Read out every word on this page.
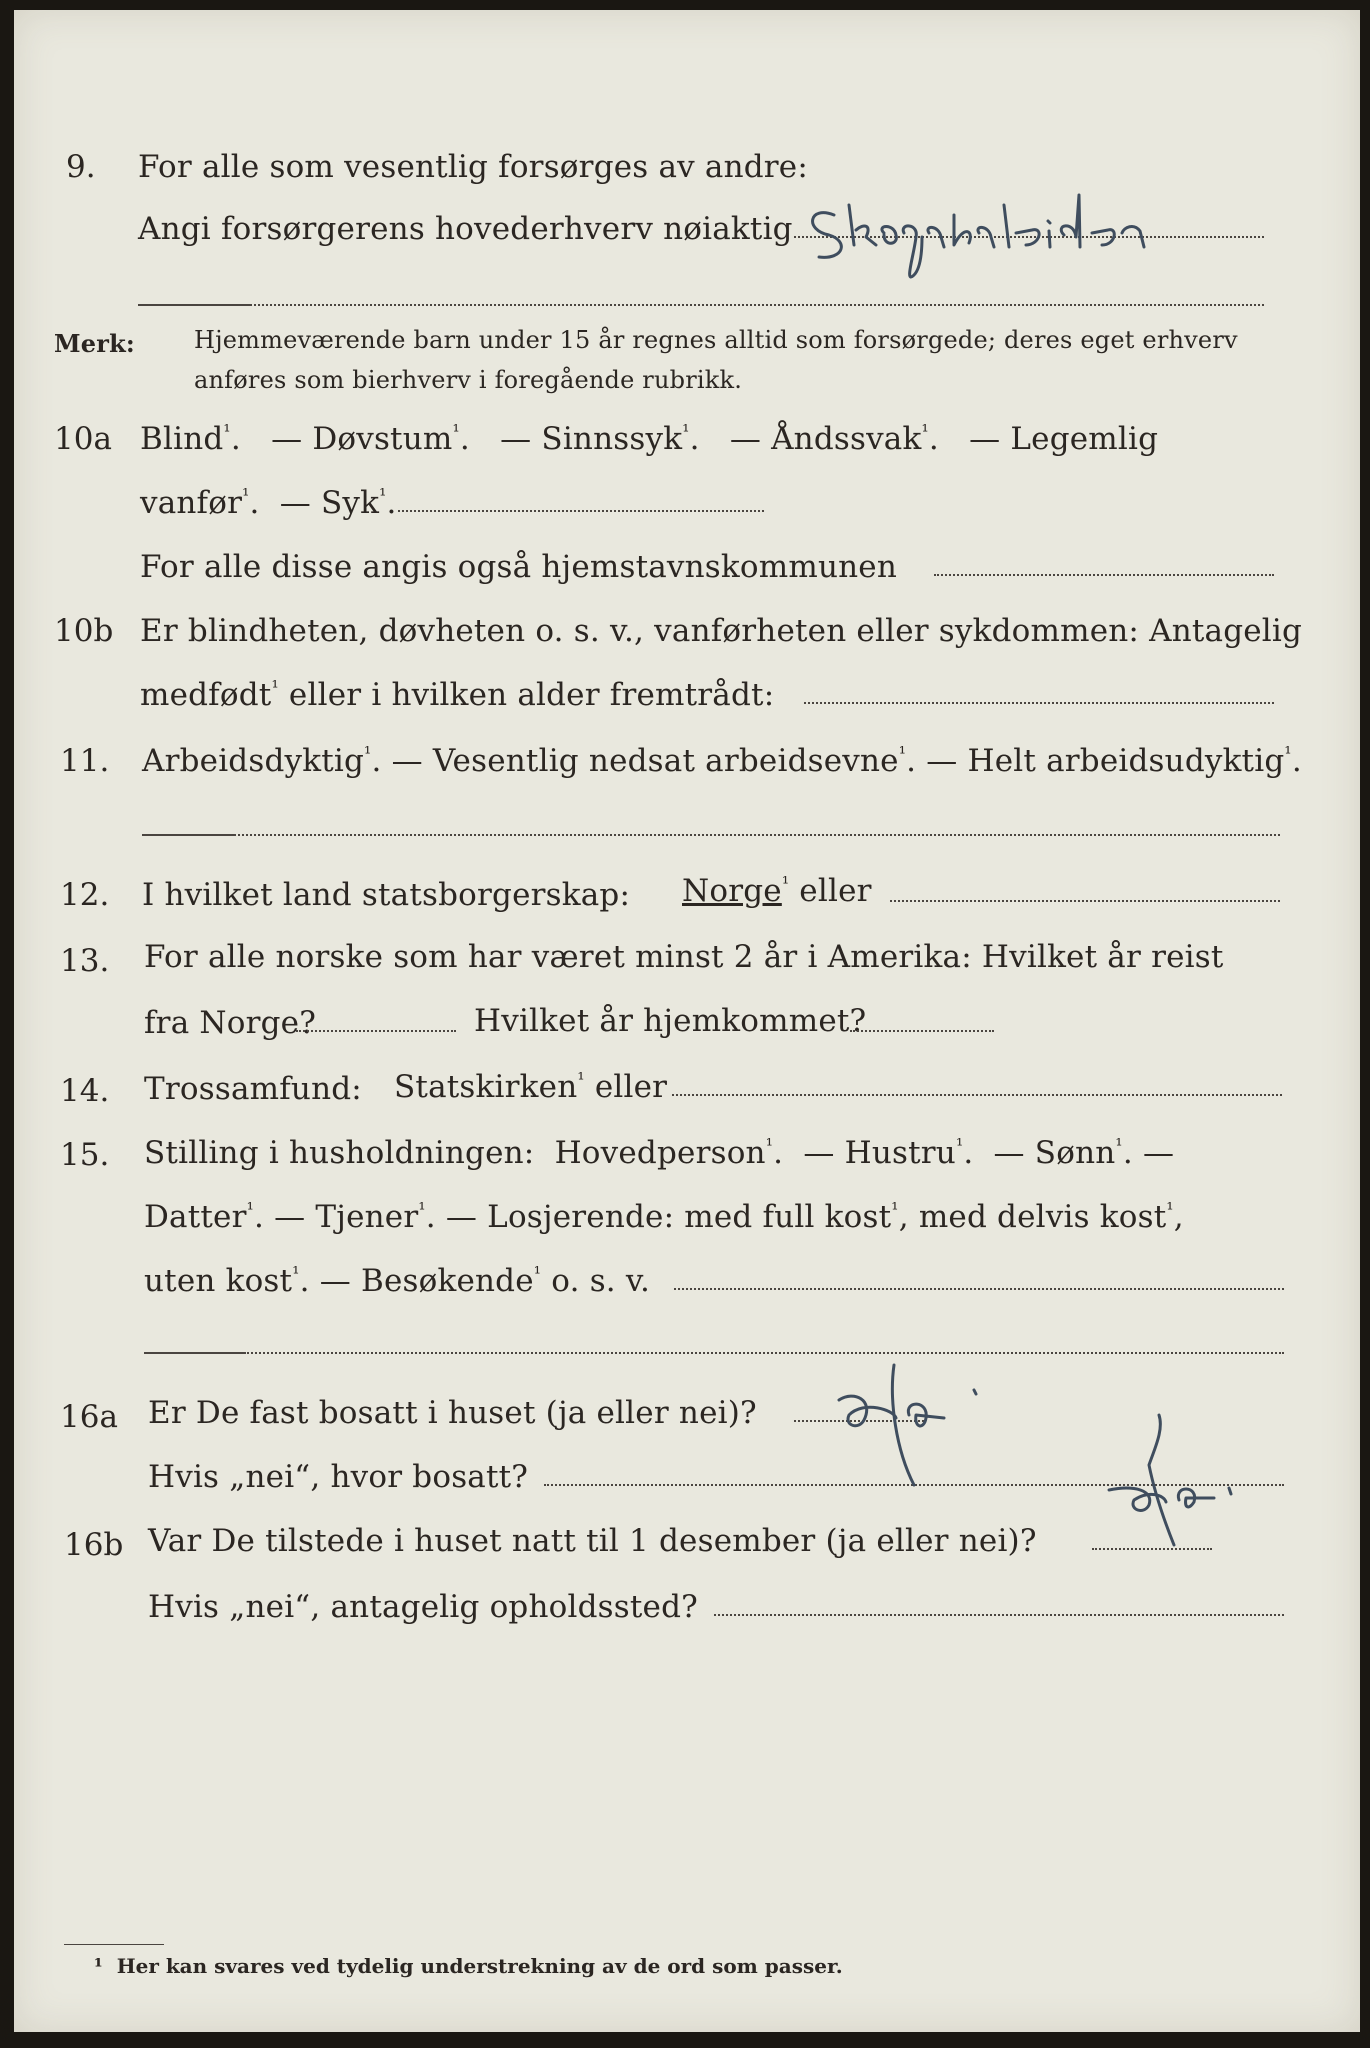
9. For alle som vesentlig forsørges av andre:
Angi forsørgerens hovederhverv nøiaktig
Merk: Hjemmeværende barn under 15 år regnes alltid som forsørgede; deres eget erhverv
anføres som bierhverv i foregående rubrikk.
10a Blind$^{^1}$.   — Døvstum$^{^1}$.   — Sinnssyk$^{^1}$.   — Åndssvak$^{^1}$.   — Legemlig
vanfør$^{^1}$.  — Syk$^{^1}$.
For alle disse angis også hjemstavnskommunen
10b Er blindheten, døvheten o. s. v., vanførheten eller sykdommen: Antagelig
medfødt$^{^1}$ eller i hvilken alder fremtrådt:
11. Arbeidsdyktig$^{^1}$. — Vesentlig nedsat arbeidsevne$^{^1}$. — Helt arbeidsudyktig$^{^1}$.
12. I hvilket land statsborgerskap: Norge$^{^1}$ eller
13. For alle norske som har været minst 2 år i Amerika: Hvilket år reist
fra Norge?	Hvilket år hjemkommet?
14. Trossamfund: Statskirken$^{^1}$ eller
15. Stilling i husholdningen: Hovedperson$^{^1}$.  — Hustru$^{^1}$.  — Sønn$^{^1}$. —
Datter$^{^1}$. — Tjener$^{^1}$. — Losjerende: med full kost$^{^1}$, med delvis kost$^{^1}$,
uten kost$^{^1}$. — Besøkende$^{^1}$ o. s. v.
16a Er De fast bosatt i huset (ja eller nei)?
Hvis „nei“, hvor bosatt?
16b Var De tilstede i huset natt til 1 desember (ja eller nei)?
Hvis „nei“, antagelig opholdssted?
¹ Her kan svares ved tydelig understrekning av de ord som passer.
